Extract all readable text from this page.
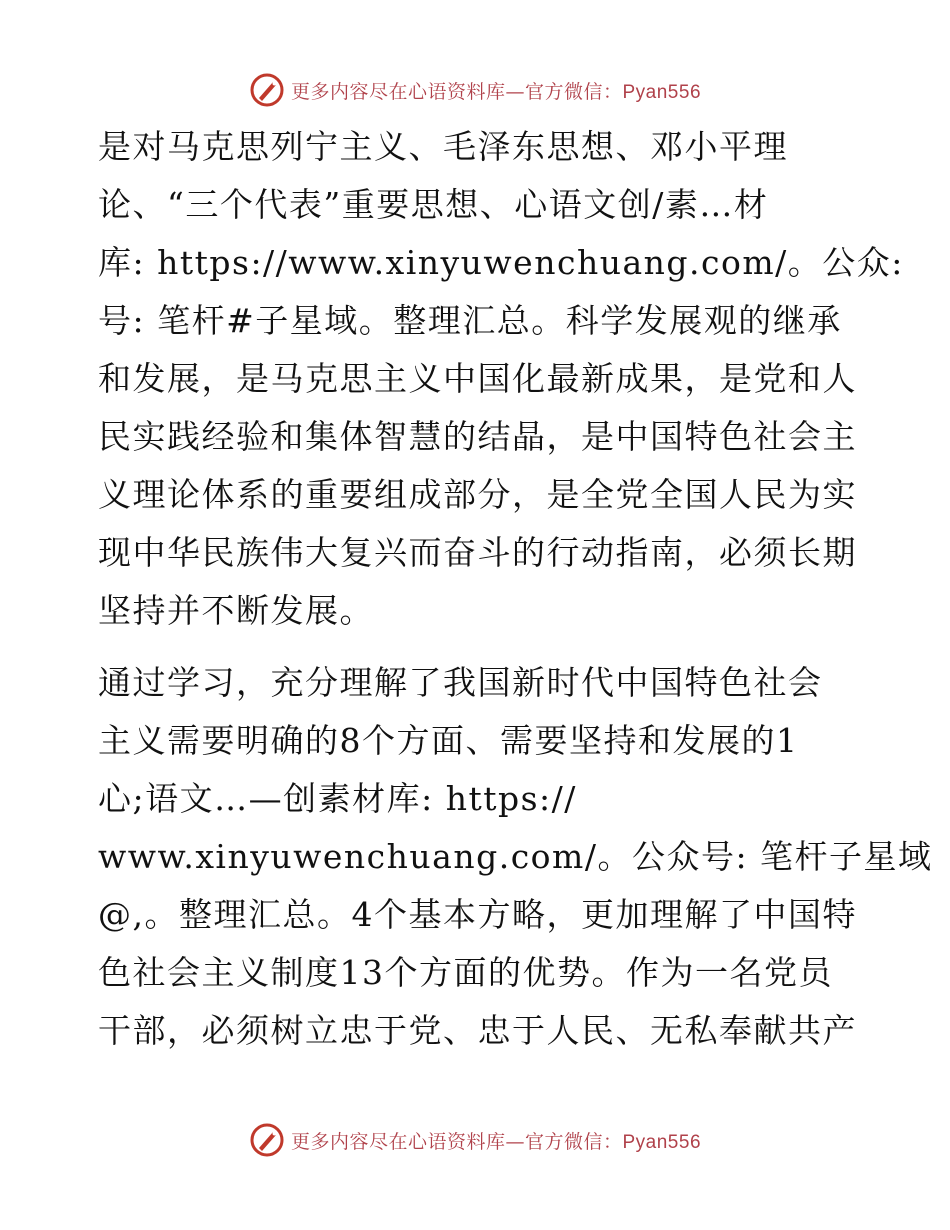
更多内容尽在心语资料库—官方微信：Pyan556
是对马克思列宁主义、毛泽东思想、邓小平理
论、“三个代表”重要思想、心语文创/素…材
库: https://www.xinyuwenchuang.com/。公众:
号: 笔杆#子星域。整理汇总。科学发展观的继承
和发展，是马克思主义中国化最新成果，是党和人
民实践经验和集体智慧的结晶，是中国特色社会主
义理论体系的重要组成部分，是全党全国人民为实
现中华民族伟大复兴而奋斗的行动指南，必须长期
坚持并不断发展。
通过学习，充分理解了我国新时代中国特色社会
主义需要明确的8个方面、需要坚持和发展的1
心;语文…—创素材库: https://
www.xinyuwenchuang.com/。公众号: 笔杆子星域
@,。整理汇总。4个基本方略，更加理解了中国特
色社会主义制度13个方面的优势。作为一名党员
干部，必须树立忠于党、忠于人民、无私奉献共产
更多内容尽在心语资料库—官方微信：Pyan556
